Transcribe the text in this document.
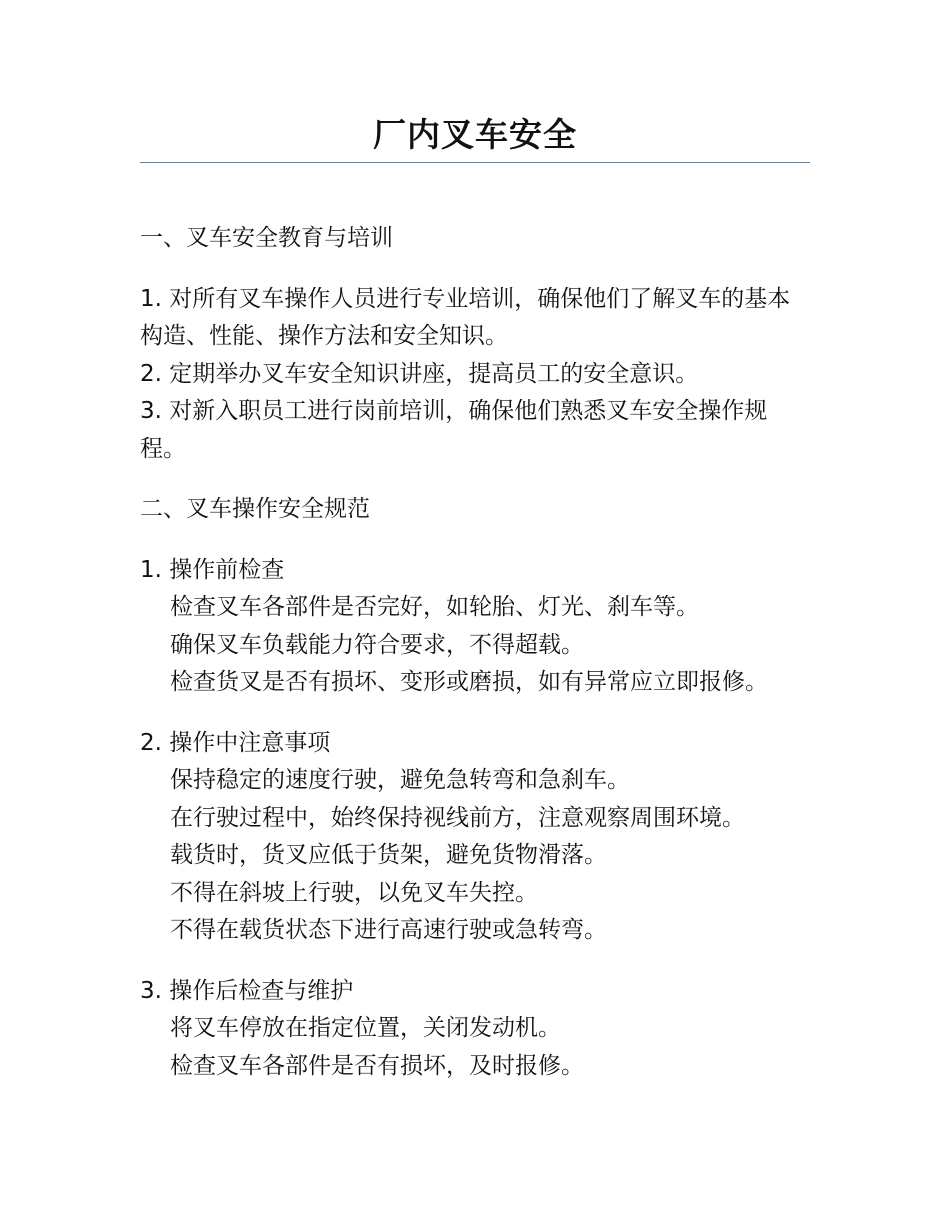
厂内叉车安全

一、叉车安全教育与培训

1. 对所有叉车操作人员进行专业培训，确保他们了解叉车的基本构造、性能、操作方法和安全知识。

2. 定期举办叉车安全知识讲座，提高员工的安全意识。

3. 对新入职员工进行岗前培训，确保他们熟悉叉车安全操作规程。

二、叉车操作安全规范

1. 操作前检查

检查叉车各部件是否完好，如轮胎、灯光、刹车等。

确保叉车负载能力符合要求，不得超载。

检查货叉是否有损坏、变形或磨损，如有异常应立即报修。

2. 操作中注意事项

保持稳定的速度行驶，避免急转弯和急刹车。

在行驶过程中，始终保持视线前方，注意观察周围环境。

载货时，货叉应低于货架，避免货物滑落。

不得在斜坡上行驶，以免叉车失控。

不得在载货状态下进行高速行驶或急转弯。

3. 操作后检查与维护

将叉车停放在指定位置，关闭发动机。

检查叉车各部件是否有损坏，及时报修。
